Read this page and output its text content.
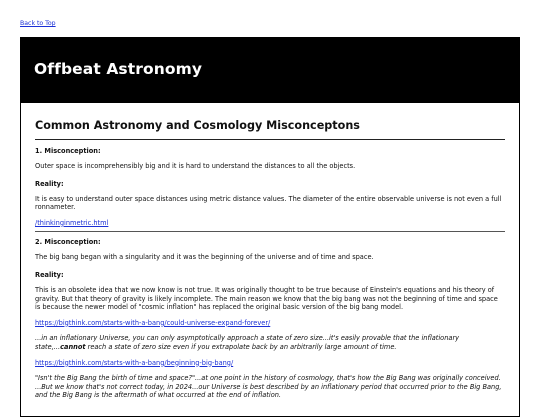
Back to Top
Offbeat Astronomy
Common Astronomy and Cosmology Misconceptons
1. Misconception:

Outer space is incomprehensibly big and it is hard to understand the distances to all the objects.

Reality:

It is easy to understand outer space distances using metric distance values. The diameter of the entire observable universe is not even a full ronnameter.

/thinkinginmetric.html

2. Misconception:

The big bang began with a singularity and it was the beginning of the universe and of time and space.

Reality:

This is an obsolete idea that we now know is not true. It was originally thought to be true because of Einstein's equations and his theory of gravity. But that theory of gravity is likely incomplete. The main reason we know that the big bang was not the beginning of time and space is because the newer model of "cosmic inflation" has replaced the original basic version of the big bang model.

https://bigthink.com/starts-with-a-bang/could-universe-expand-forever/

...in an inflationary Universe, you can only asymptotically approach a state of zero size...it's easily provable that the inflationary state,...cannot reach a state of zero size even if you extrapolate back by an arbitrarily large amount of time.

https://bigthink.com/starts-with-a-bang/beginning-big-bang/

"Isn't the Big Bang the birth of time and space?"...at one point in the history of cosmology, that's how the Big Bang was originally conceived. ...But we know that's not correct today, in 2024...our Universe is best described by an inflationary period that occurred prior to the Big Bang, and the Big Bang is the aftermath of what occurred at the end of inflation.
